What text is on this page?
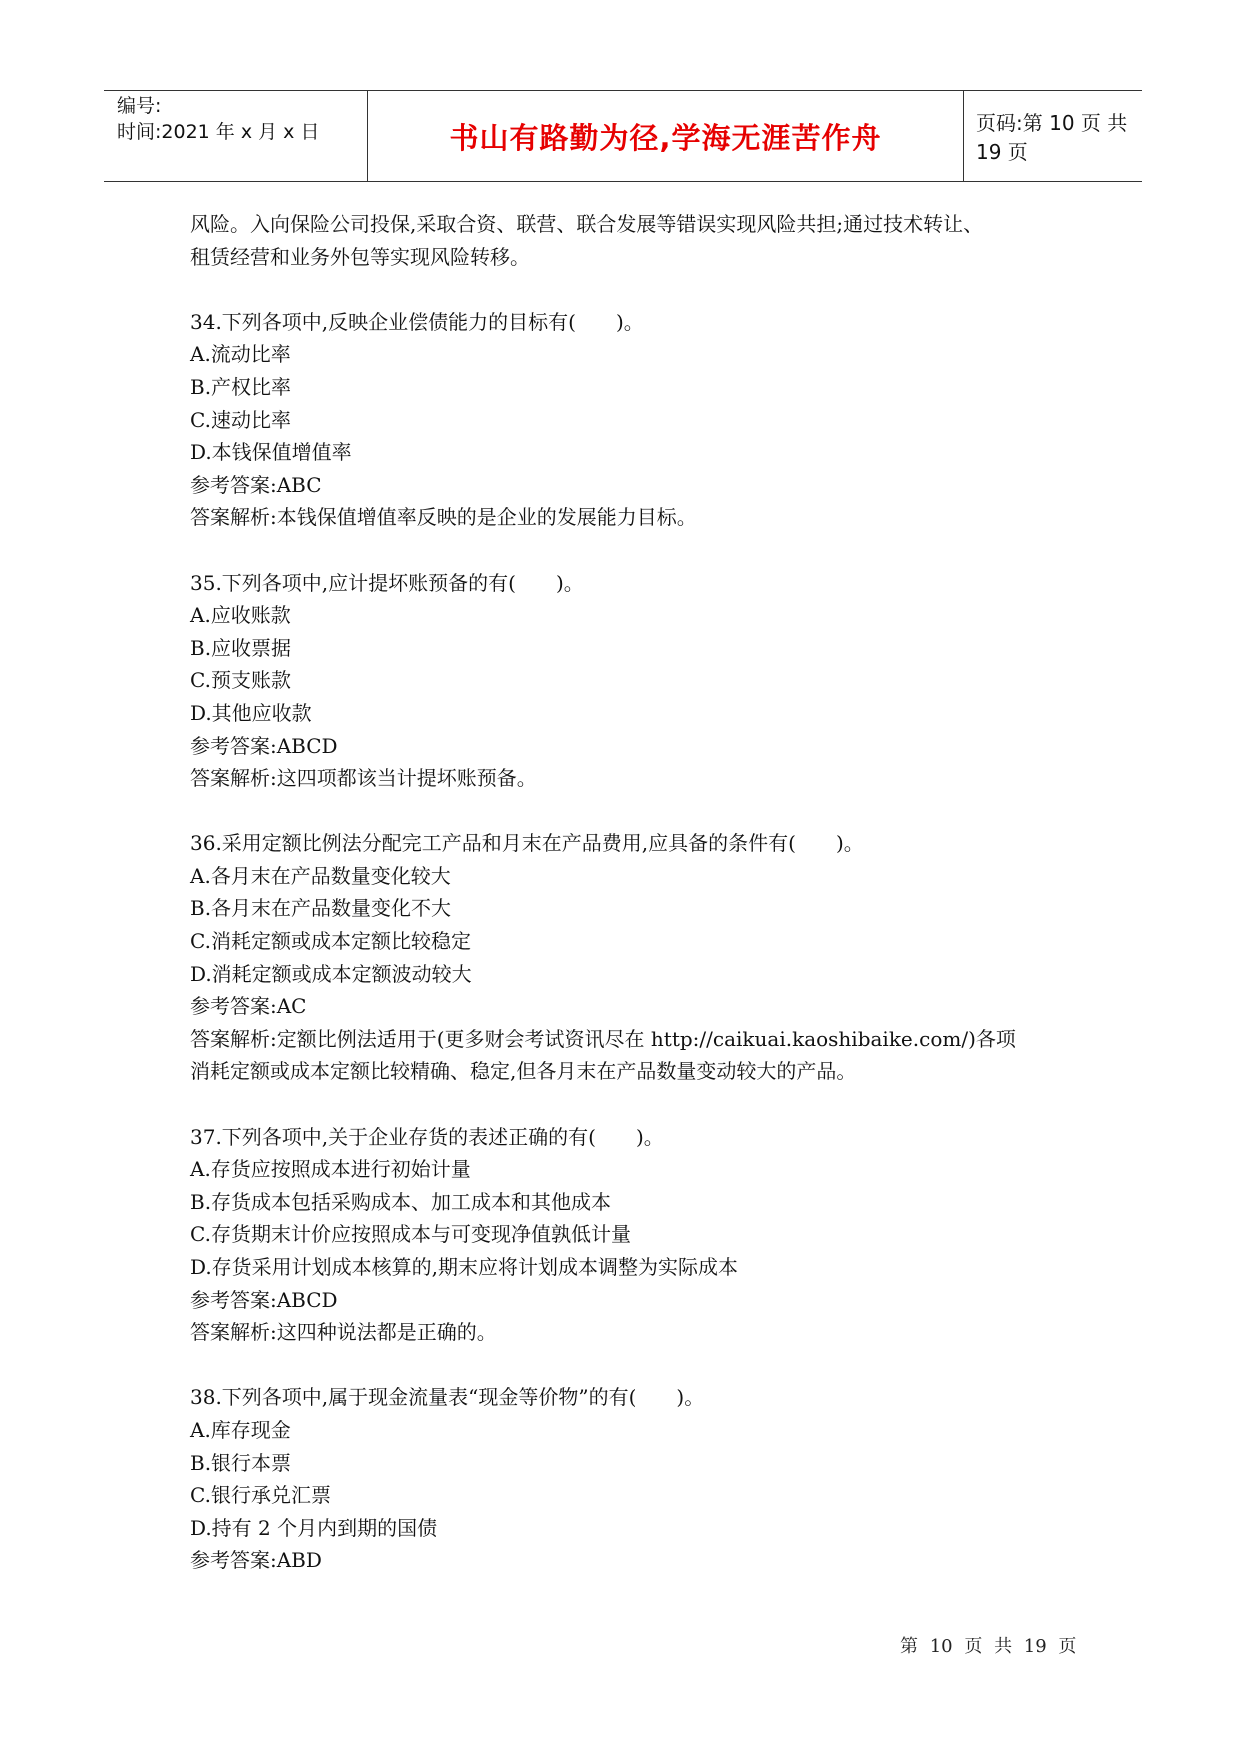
编号:
时间:2021 年 x 月 x 日	书山有路勤为径,学海无涯苦作舟	页码:第 10 页 共 19 页

风险。入向保险公司投保,采取合资、联营、联合发展等错误实现风险共担;通过技术转让、

租赁经营和业务外包等实现风险转移。

34.下列各项中,反映企业偿债能力的目标有(　　)。

A.流动比率

B.产权比率

C.速动比率

D.本钱保值增值率

参考答案:ABC

答案解析:本钱保值增值率反映的是企业的发展能力目标。

35.下列各项中,应计提坏账预备的有(　　)。

A.应收账款

B.应收票据

C.预支账款

D.其他应收款

参考答案:ABCD

答案解析:这四项都该当计提坏账预备。

36.采用定额比例法分配完工产品和月末在产品费用,应具备的条件有(　　)。

A.各月末在产品数量变化较大

B.各月末在产品数量变化不大

C.消耗定额或成本定额比较稳定

D.消耗定额或成本定额波动较大

参考答案:AC

答案解析:定额比例法适用于(更多财会考试资讯尽在 http://caikuai.kaoshibaike.com/)各项

消耗定额或成本定额比较精确、稳定,但各月末在产品数量变动较大的产品。

37.下列各项中,关于企业存货的表述正确的有(　　)。

A.存货应按照成本进行初始计量

B.存货成本包括采购成本、加工成本和其他成本

C.存货期末计价应按照成本与可变现净值孰低计量

D.存货采用计划成本核算的,期末应将计划成本调整为实际成本

参考答案:ABCD

答案解析:这四种说法都是正确的。

38.下列各项中,属于现金流量表“现金等价物”的有(　　)。

A.库存现金

B.银行本票

C.银行承兑汇票

D.持有 2 个月内到期的国债

参考答案:ABD

第 10 页 共 19 页
